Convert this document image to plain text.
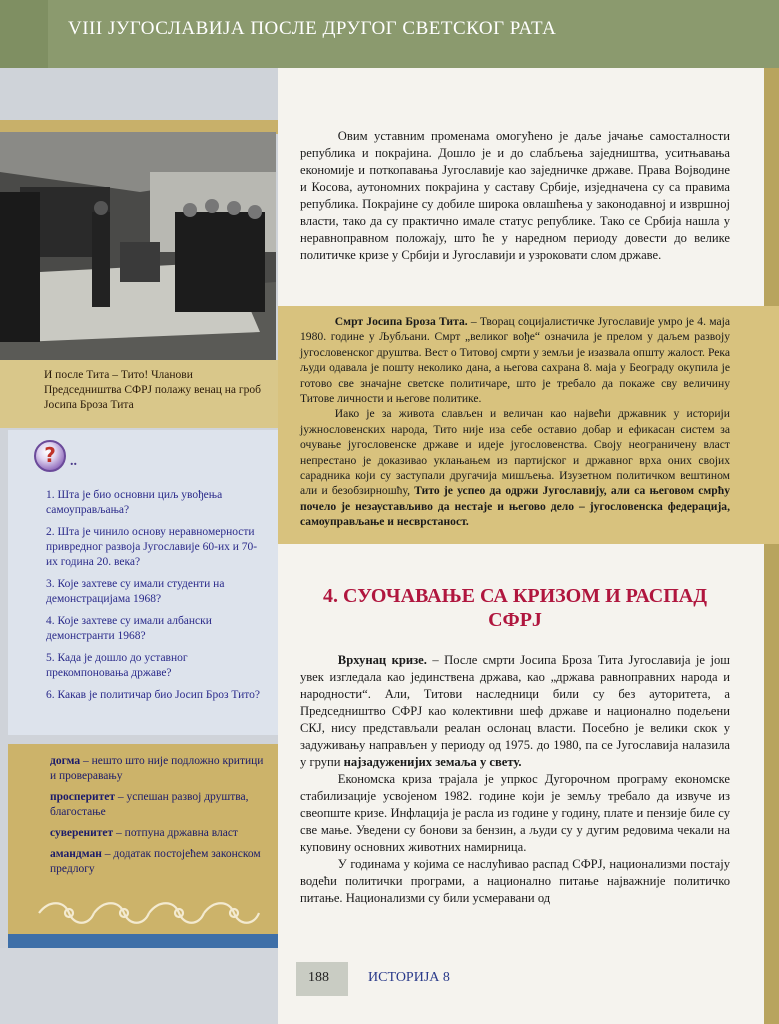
VIII ЈУГОСЛАВИЈА ПОСЛЕ ДРУГОГ СВЕТСКОГ РАТА
И после Тита – Тито! Чланови Председништва СФРЈ полажу венац на гроб Јосипа Броза Тита
?	..
1. Шта је био основни циљ увођења самоуправљања?
2. Шта је чинило основу неравномерности привредног развоја Југославије 60-их и 70-их година 20. века?
3. Које захтеве су имали студенти на демонстрацијама 1968?
4. Које захтеве су имали албански демонстранти 1968?
5. Када је дошло до уставног прекомпоновања државе?
6. Какав је политичар био Јосип Броз Тито?
догма – нешто што није подложно критици и проверавању
просперитет – успешан развој друштва, благостање
суверенитет – потпуна државна власт
амандман – додатак постојећем законском предлогу

Овим уставним променама омогућено је даље јачање самосталности република и покрајина. Дошло је и до слабљења заједништва, уситњавања економије и поткопавања Југославије као заједничке државе. Права Војводине и Косова, аутономних покрајина у саставу Србије, изједначена су са правима република. Покрајине су добиле широка овлашћења у законодавној и извршној власти, тако да су практично имале статус републике. Тако се Србија нашла у неравноправном положају, што ће у наредном периоду довести до велике политичке кризе у Србији и Југославији и узроковати слом државе.

Смрт Јосипа Броза Тита. – Творац социјалистичке Југославије умро је 4. маја 1980. године у Љубљани. Смрт „великог вође“ означила је прелом у даљем развоју југословенског друштва. Вест о Титовој смрти у земљи је изазвала општу жалост. Река људи одавала је пошту неколико дана, а његова сахрана 8. маја у Београду окупила је готово све значајне светске политичаре, што је требало да покаже сву величину Титове личности и његове политике.

Иако је за живота слављен и величан као највећи државник у историји јужнословенских народа, Тито није иза себе оставио добар и ефикасан систем за очување југословенске државе и идеје југословенства. Своју неограничену власт непрестано је доказивао уклањањем из партијског и државног врха оних својих сарадника који су заступали другачија мишљења. Изузетном политичком вештином али и безобзирношћу, Тито је успео да одржи Југославију, али са његовом смрћу почело је незаустављиво да нестаје и његово дело – југословенска федерација, самоуправљање и несврстаност.

4. СУОЧАВАЊЕ СА КРИЗОМ И РАСПАД СФРЈ

Врхунац кризе. – После смрти Јосипа Броза Тита Југославија је још увек изгледала као јединствена држава, као „држава равноправних народа и народности“. Али, Титови наследници били су без ауторитета, а Председништво СФРЈ као колективни шеф државе и национално подељени СКЈ, нису представљали реалан ослонац власти. Посебно је велики скок у задуживању направљен у периоду од 1975. до 1980, па се Југославија налазила у групи најзадуженијих земаља у свету.

Економска криза трајала је упркос Дугорочном програму економске стабилизације усвојеном 1982. године који је земљу требало да извуче из свеопште кризе. Инфлација је расла из године у годину, плате и пензије биле су све мање. Уведени су бонови за бензин, а људи су у дугим редовима чекали на куповину основних животних намирница.

У годинама у којима се наслућивао распад СФРЈ, национализми постају водећи политички програми, а национално питање најважније политичко питање. Национализми су били усмеравани од

188	ИСТОРИЈА 8
